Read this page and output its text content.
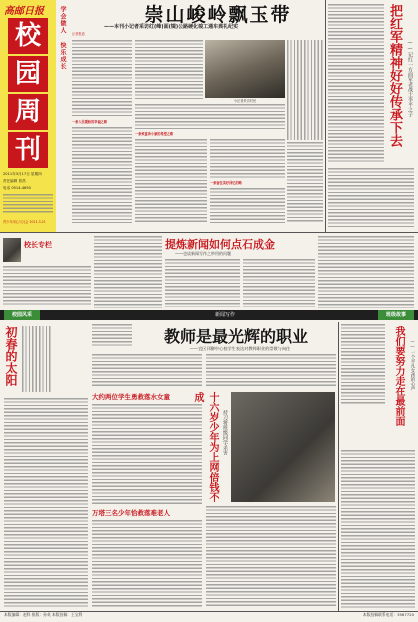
高邮日报
校
园
周
刊
2011年3月17日 星期四
责任编辑 曾昌
电话 0514-4650
青少年用心与社会 2011.3.21
学会做人 快乐成长
崇山峻岭飘玉带
——本刊小记者采访红(峰)面(镜)公路硬化竣工通车典礼纪实
记者报道
一条人民期盼的幸福之路
小记者采访村民
一条致富奔小康的希望之路
一条留住美好回忆的路
把红军精神好好传承下去	——记红一方面军老战士李平之子
校长专栏	提炼新闻如何点石成金
——也谈新闻写作之妙用的问题
校园风采	新闻写作	班级故事
初春的太阳	教师是最光辉的职业
——宜区邗柳中心校学生表达对教师职业的崇敬与向往
大约两位学生勇救落水女童
万塔三名少年恰救落难老人
十六岁少年为上网倍钱不成
持刀将班级同学杀害
我们要努力走在最前面	——一个平凡女孩的心声
本版编辑：赵科 排版：孙英 本版投稿：王宝利	本版投稿联系电话：3567720
